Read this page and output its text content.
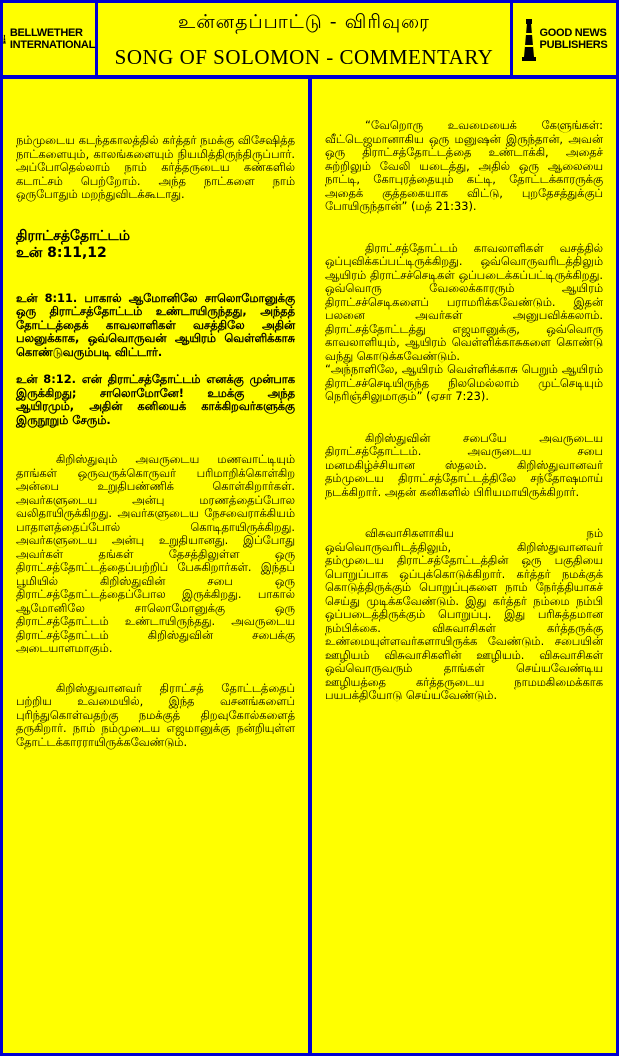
BELLWETHER
INTERNATIONAL
உன்னதப்பாட்டு - விரிவுரை
SONG OF SOLOMON - COMMENTARY
GOOD NEWS
PUBLISHERS

நம்முடைய கடந்தகாலத்தில் கர்த்தர் நமக்கு விசேஷித்த நாட்களையும், காலங்களையும் நியமித்திருந்திருப்பார். அப்போதெல்லாம் நாம் கர்த்தருடைய கண்களில் கடாட்சம் பெற்றோம். அந்த நாட்களை நாம் ஒருபோதும் மறந்துவிடக்கூடாது.

திராட்சத்தோட்டம்
உன் 8:11,12

உன் 8:11. பாகால் ஆமோனிலே சாலொமோனுக்கு ஒரு திராட்சத்தோட்டம் உண்டாயிருந்தது, அந்தத் தோட்டத்தைக் காவலாளிகள் வசத்திலே அதின் பலனுக்காக, ஒவ்வொருவன் ஆயிரம் வெள்ளிக்காசு கொண்டுவரும்படி விட்டார்.

உன் 8:12. என் திராட்சத்தோட்டம் எனக்கு முன்பாக இருக்கிறது; சாலொமோனே! உமக்கு அந்த ஆயிரமும், அதின் கனியைக் காக்கிறவர்களுக்கு இருநூறும் சேரும்.

கிறிஸ்துவும் அவருடைய மணவாட்டியும் தாங்கள் ஒருவருக்கொருவர் பரிமாறிக்கொள்கிற அன்பை உறுதிபண்ணிக் கொள்கிறார்கள். அவர்களுடைய அன்பு மரணத்தைப்போல வலிதாயிருக்கிறது. அவர்களுடைய நேசவைராக்கியம் பாதாளத்தைப்போல் கொடிதாயிருக்கிறது. அவர்களுடைய அன்பு உறுதியானது. இப்போது அவர்கள் தங்கள் தேசத்திலுள்ள ஒரு திராட்சத்தோட்டத்தைப்பற்றிப் பேசுகிறார்கள். இந்தப் பூமியில் கிறிஸ்துவின் சபை ஒரு திராட்சத்தோட்டத்தைப்போல இருக்கிறது. பாகால் ஆமோனிலே சாலொமோனுக்கு ஒரு திராட்சத்தோட்டம் உண்டாயிருந்தது. அவருடைய திராட்சத்தோட்டம் கிறிஸ்துவின் சபைக்கு அடையாளமாகும்.

கிறிஸ்துவானவர் திராட்சத் தோட்டத்தைப் பற்றிய உவமையில், இந்த வசனங்களைப் புரிந்துகொள்வதற்கு நமக்குத் திறவுகோல்களைத் தருகிறார். நாம் நம்முடைய எஜமானுக்கு நன்றியுள்ள தோட்டக்காரராயிருக்கவேண்டும்.

“வேறொரு உவமையைக் கேளுங்கள்: வீட்டெஜமானாகிய ஒரு மனுஷன் இருந்தான், அவன் ஒரு திராட்சத்தோட்டத்தை உண்டாக்கி, அதைச் சுற்றிலும் வேலி யடைத்து, அதில் ஒரு ஆலையை நாட்டி, கோபுரத்தையும் கட்டி, தோட்டக்காரருக்கு அதைக் குத்தகையாக விட்டு, புறதேசத்துக்குப் போயிருந்தான்” (மத் 21:33).

திராட்சத்தோட்டம் காவலாளிகள் வசத்தில் ஒப்புவிக்கப்பட்டிருக்கிறது. ஒவ்வொருவரிடத்திலும் ஆயிரம் திராட்சச்செடிகள் ஒப்படைக்கப்பட்டிருக்கிறது. ஒவ்வொரு வேலைக்காரரும் ஆயிரம் திராட்சச்செடிகளைப் பராமரிக்கவேண்டும். இதன் பலனை அவர்கள் அனுபவிக்கலாம். திராட்சத்தோட்டத்து எஜமானுக்கு, ஒவ்வொரு காவலாளியும், ஆயிரம் வெள்ளிக்காசுகளை கொண்டு வந்து கொடுக்கவேண்டும்.

“அந்நாளிலே, ஆயிரம் வெள்ளிக்காசு பெறும் ஆயிரம் திராட்சச்செடியிருந்த நிலமெல்லாம் முட்செடியும் நெரிஞ்சிலுமாகும்” (ஏசா 7:23).

கிறிஸ்துவின் சபையே அவருடைய திராட்சத்தோட்டம். அவருடைய சபை மனமகிழ்ச்சியான ஸ்தலம். கிறிஸ்துவானவர் தம்முடைய திராட்சத்தோட்டத்திலே சந்தோஷமாய் நடக்கிறார். அதன் கனிகளில் பிரியமாயிருக்கிறார்.

விசுவாசிகளாகிய நம் ஒவ்வொருவரிடத்திலும், கிறிஸ்துவானவர் தம்முடைய திராட்சத்தோட்டத்தின் ஒரு பகுதியை பொறுப்பாக ஒப்புக்கொடுக்கிறார். கர்த்தர் நமக்குக் கொடுத்திருக்கும் பொறுப்புகளை நாம் நேர்த்தியாகச் செய்து முடிக்கவேண்டும். இது கர்த்தர் நம்மை நம்பி ஒப்படைத்திருக்கும் பொறுப்பு. இது பரிசுத்தமான நம்பிக்கை. விசுவாசிகள் கர்த்தருக்கு உண்மையுள்ளவர்களாயிருக்க வேண்டும். சபையின் ஊழியம் விசுவாசிகளின் ஊழியம். விசுவாசிகள் ஒவ்வொருவரும் தாங்கள் செய்யவேண்டிய ஊழியத்தை கர்த்தருடைய நாமமகிமைக்காக பயபக்தியோடு செய்யவேண்டும்.
